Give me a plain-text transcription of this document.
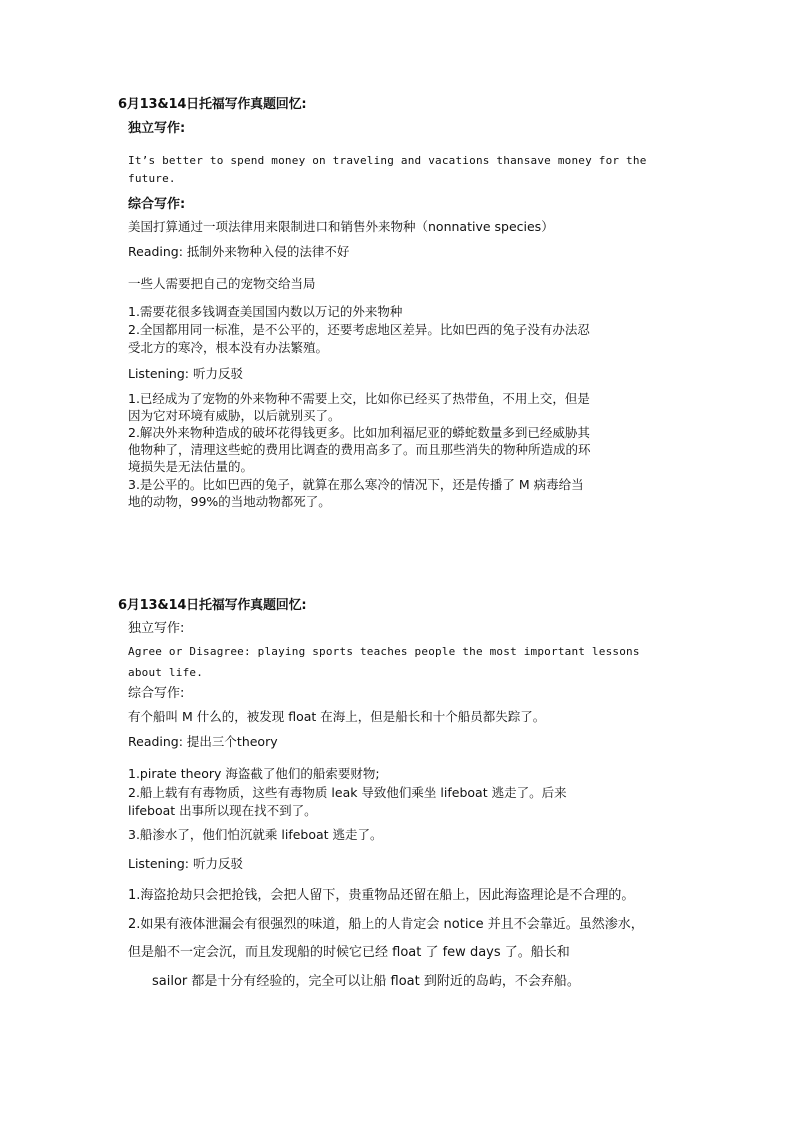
6月13&14日托福写作真题回忆:
独立写作:
It’s better to spend money on traveling and vacations thansave money for the
future.
综合写作:
美国打算通过一项法律用来限制进口和销售外来物种（nonnative species）
Reading: 抵制外来物种入侵的法律不好
一些人需要把自己的宠物交给当局
1.需要花很多钱调查美国国内数以万记的外来物种
2.全国都用同一标准，是不公平的，还要考虑地区差异。比如巴西的兔子没有办法忍
受北方的寒冷，根本没有办法繁殖。
Listening: 听力反驳
1.已经成为了宠物的外来物种不需要上交，比如你已经买了热带鱼，不用上交，但是
因为它对环境有威胁，以后就别买了。
2.解决外来物种造成的破坏花得钱更多。比如加利福尼亚的蟒蛇数量多到已经威胁其
他物种了，清理这些蛇的费用比调查的费用高多了。而且那些消失的物种所造成的环
境损失是无法估量的。
3.是公平的。比如巴西的兔子，就算在那么寒冷的情况下，还是传播了 M 病毒给当
地的动物，99%的当地动物都死了。
6月13&14日托福写作真题回忆:
独立写作:
Agree or Disagree: playing sports teaches people the most important lessons
about life.
综合写作:
有个船叫 M 什么的，被发现 float 在海上，但是船长和十个船员都失踪了。
Reading: 提出三个theory
1.pirate theory 海盗截了他们的船索要财物;
2.船上载有有毒物质，这些有毒物质 leak 导致他们乘坐 lifeboat 逃走了。后来
lifeboat 出事所以现在找不到了。
3.船渗水了，他们怕沉就乘 lifeboat 逃走了。
Listening: 听力反驳
1.海盗抢劫只会把抢钱，会把人留下，贵重物品还留在船上，因此海盗理论是不合理的。
2.如果有液体泄漏会有很强烈的味道，船上的人肯定会 notice 并且不会靠近。虽然渗水，
但是船不一定会沉，而且发现船的时候它已经 float 了 few days 了。船长和
sailor 都是十分有经验的，完全可以让船 float 到附近的岛屿，不会弃船。
